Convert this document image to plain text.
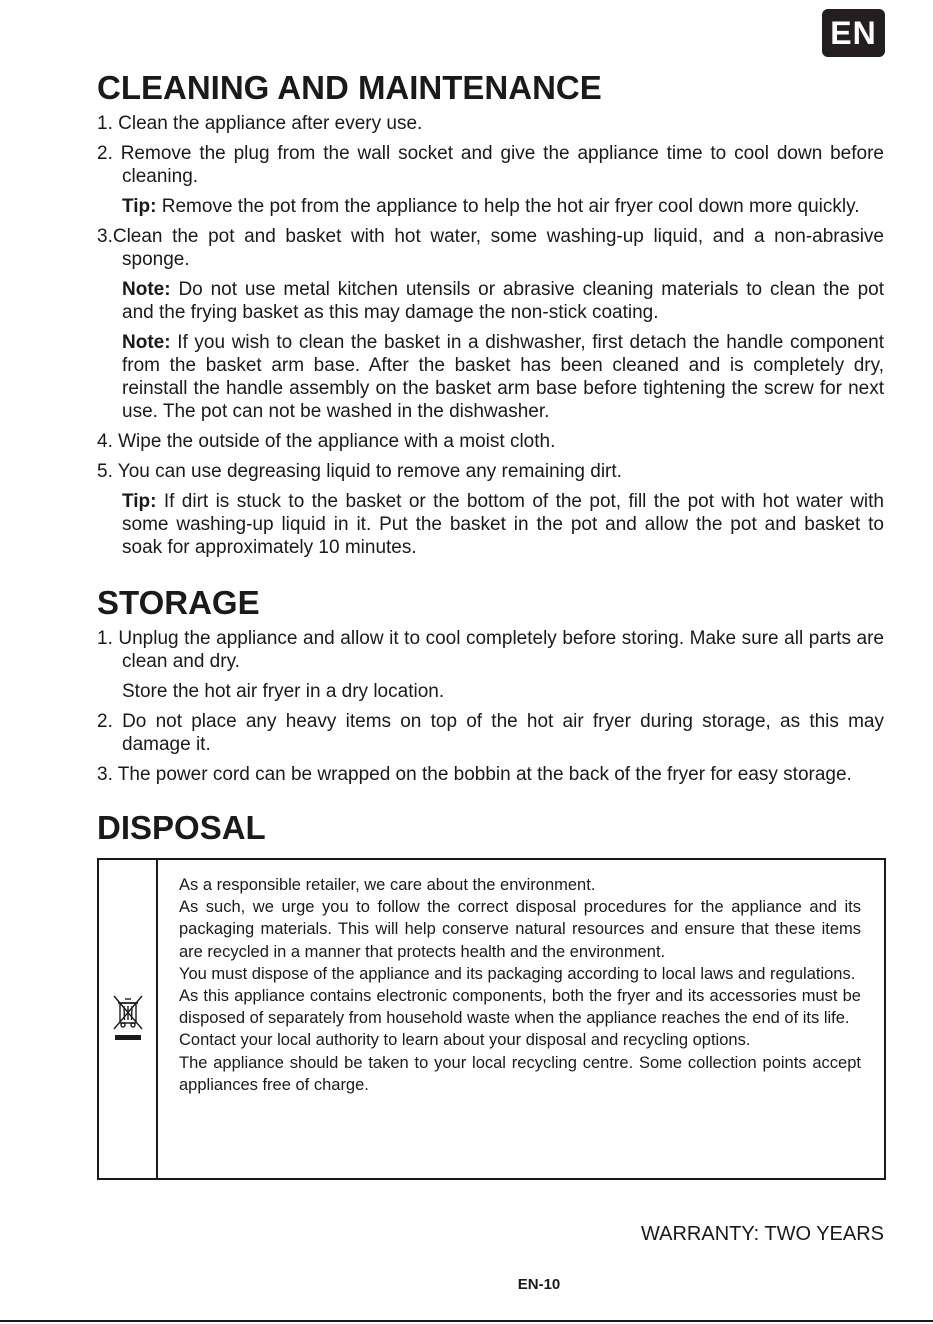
EN
CLEANING AND MAINTENANCE
1. Clean the appliance after every use.
2. Remove the plug from the wall socket and give the appliance time to cool down before cleaning.
Tip: Remove the pot from the appliance to help the hot air fryer cool down more quickly.
3.Clean the pot and basket with hot water, some washing-up liquid, and a non-abrasive sponge.
Note: Do not use metal kitchen utensils or abrasive cleaning materials to clean the pot and the frying basket as this may damage the non-stick coating.
Note: If you wish to clean the basket in a dishwasher, first detach the handle component from the basket arm base. After the basket has been cleaned and is completely dry, reinstall the handle assembly on the basket arm base before tightening the screw for next use. The pot can not be washed in the dishwasher.
4. Wipe the outside of the appliance with a moist cloth.
5. You can use degreasing liquid to remove any remaining dirt.
Tip: If dirt is stuck to the basket or the bottom of the pot, fill the pot with hot water with some washing-up liquid in it. Put the basket in the pot and allow the pot and basket to soak for approximately 10 minutes.
STORAGE
1. Unplug the appliance and allow it to cool completely before storing. Make sure all parts are clean and dry.
Store the hot air fryer in a dry location.
2. Do not place any heavy items on top of the hot air fryer during storage, as this may damage it.
3. The power cord can be wrapped on the bobbin at the back of the fryer for easy storage.
DISPOSAL

As a responsible retailer, we care about the environment.

As such, we urge you to follow the correct disposal procedures for the appliance and its packaging materials. This will help conserve natural resources and ensure that these items are recycled in a manner that protects health and the environment.

You must dispose of the appliance and its packaging according to local laws and regulations.

As this appliance contains electronic components, both the fryer and its accessories must be disposed of separately from household waste when the appliance reaches the end of its life.

Contact your local authority to learn about your disposal and recycling options.

The appliance should be taken to your local recycling centre. Some collection points accept appliances free of charge.

WARRANTY: TWO YEARS
EN-10
